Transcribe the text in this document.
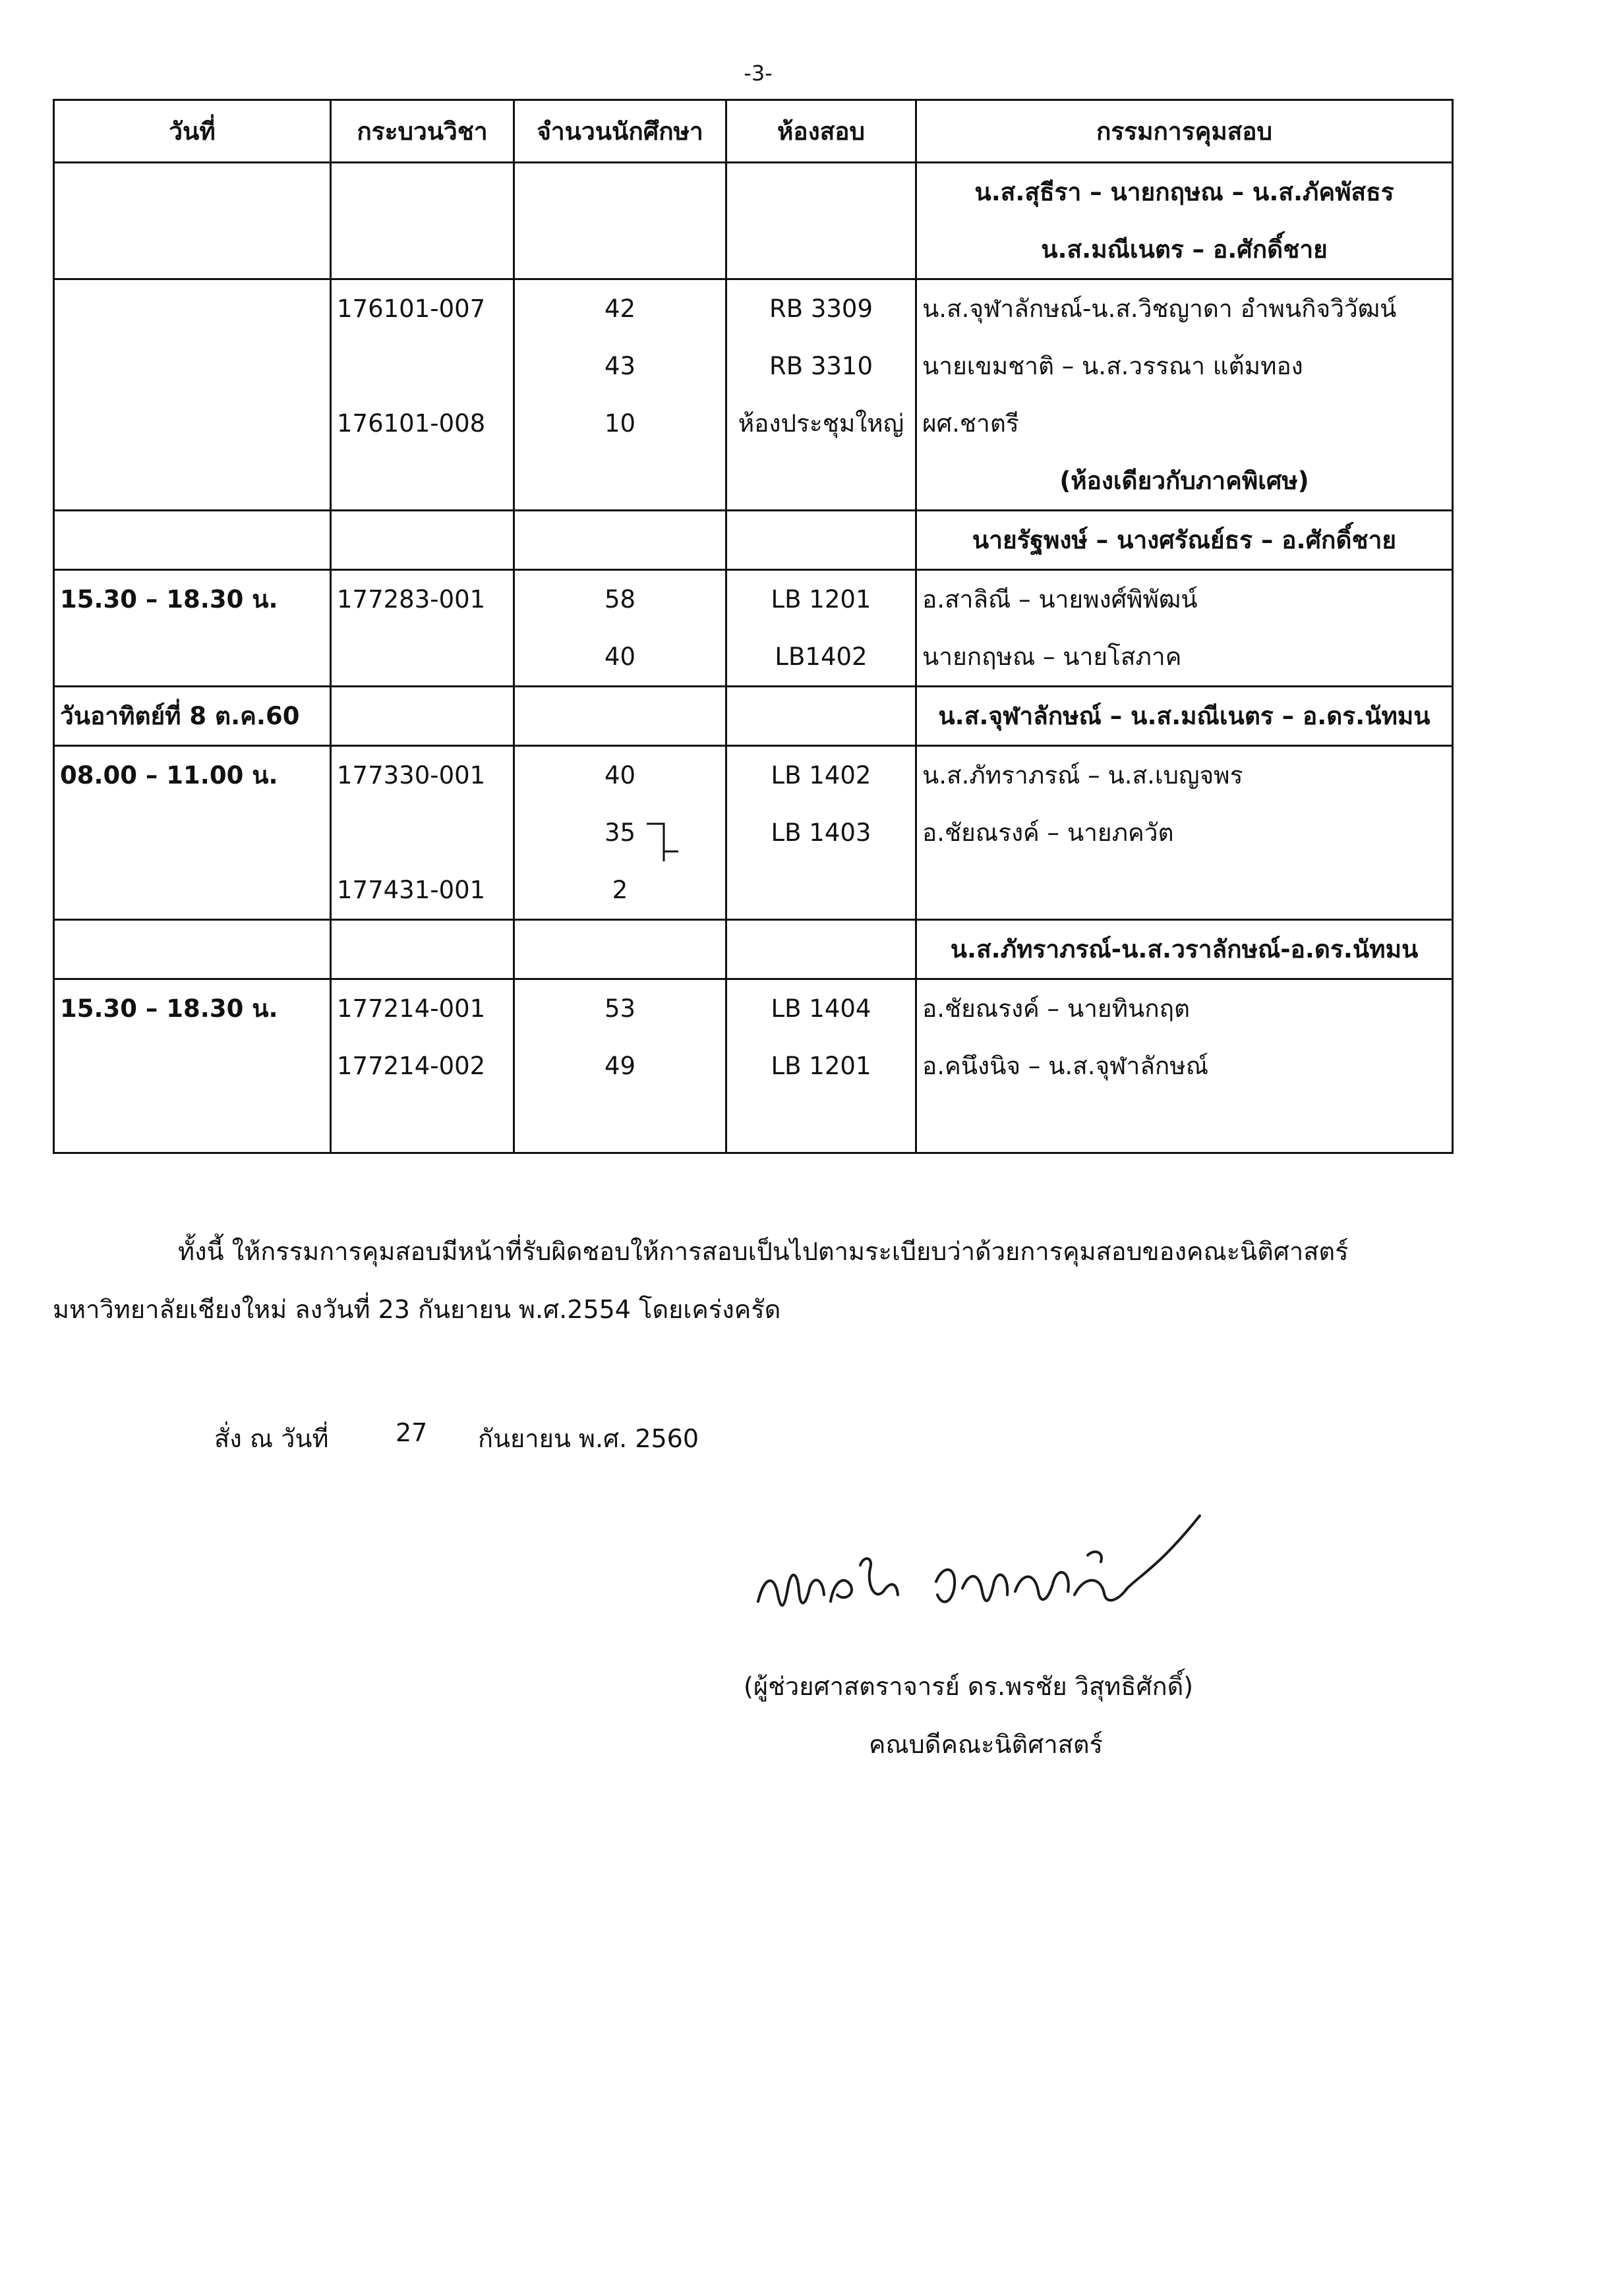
-3-
วันที่	กระบวนวิชา	จำนวนนักศึกษา	ห้องสอบ	กรรมการคุมสอบ

				น.ส.สุธีรา – นายกฤษณ – น.ส.ภัคพัสธร

				น.ส.มณีเนตร – อ.ศักดิ์ชาย

	176101-007	42	RB 3309	น.ส.จุฬาลักษณ์-น.ส.วิชญาดา อำพนกิจวิวัฒน์

		43	RB 3310	นายเขมชาติ – น.ส.วรรณา แต้มทอง

	176101-008	10	ห้องประชุมใหญ่	ผศ.ชาตรี

				(ห้องเดียวกับภาคพิเศษ)

				นายรัฐพงษ์ – นางศรัณย์ธร – อ.ศักดิ์ชาย

15.30 – 18.30 น.	177283-001	58	LB 1201	อ.สาลิณี – นายพงศ์พิพัฒน์

		40	LB1402	นายกฤษณ – นายโสภาค

วันอาทิตย์ที่ 8 ต.ค.60				น.ส.จุฬาลักษณ์ – น.ส.มณีเนตร – อ.ดร.นัทมน

08.00 – 11.00 น.	177330-001	40	LB 1402	น.ส.ภัทราภรณ์ – น.ส.เบญจพร

		35	LB 1403	อ.ชัยณรงค์ – นายภควัต

	177431-001	2		

				น.ส.ภัทราภรณ์-น.ส.วราลักษณ์-อ.ดร.นัทมน

15.30 – 18.30 น.	177214-001	53	LB 1404	อ.ชัยณรงค์ – นายทินกฤต

	177214-002	49	LB 1201	อ.คนึงนิจ – น.ส.จุฬาลักษณ์

ทั้งนี้ ให้กรรมการคุมสอบมีหน้าที่รับผิดชอบให้การสอบเป็นไปตามระเบียบว่าด้วยการคุมสอบของคณะนิติศาสตร์
มหาวิทยาลัยเชียงใหม่ ลงวันที่ 23 กันยายน พ.ศ.2554 โดยเคร่งครัด
สั่ง ณ วันที่	27 กันยายน พ.ศ. 2560
(ผู้ช่วยศาสตราจารย์ ดร.พรชัย วิสุทธิศักดิ์)
คณบดีคณะนิติศาสตร์
